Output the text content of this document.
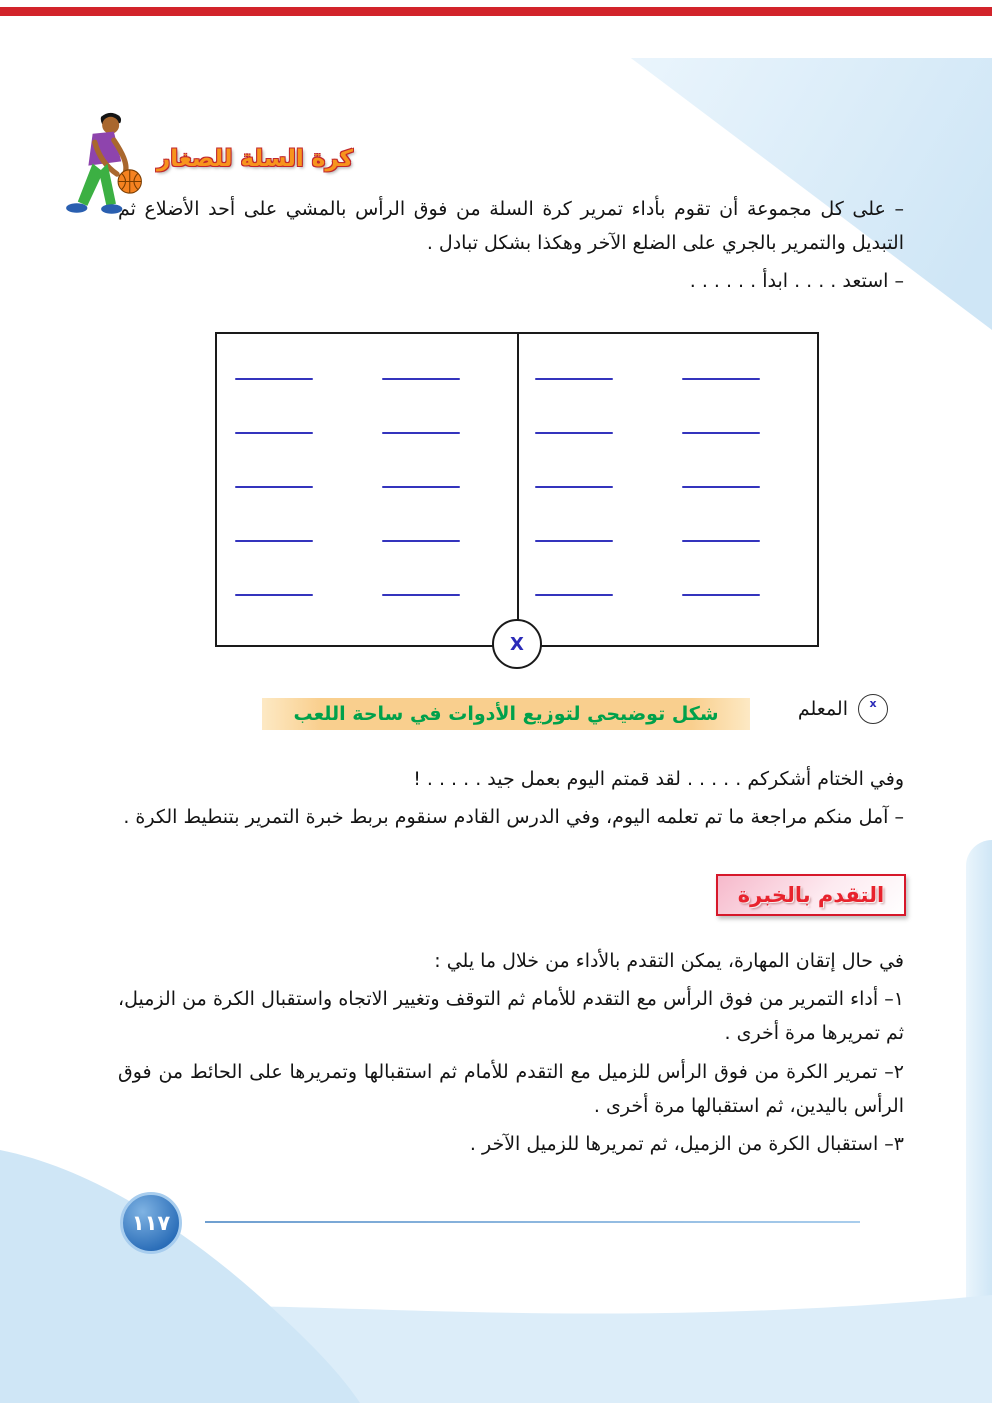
كرة السلة للصغار

– على كل مجموعة أن تقوم بأداء تمرير كرة السلة من فوق الرأس بالمشي على أحد الأضلاع ثم التبديل والتمرير بالجري على الضلع الآخر وهكذا بشكل تبادل .

– استعد . . . . ابدأ . . . . . .

X
x
المعلم
شكل توضيحي لتوزيع الأدوات في ساحة اللعب

وفي الختام أشكركم . . . . . لقد قمتم اليوم بعمل جيد . . . . . !

– آمل منكم مراجعة ما تم تعلمه اليوم، وفي الدرس القادم سنقوم بربط خبرة التمرير بتنطيط الكرة .

التقدم بالخبرة

في حال إتقان المهارة، يمكن التقدم بالأداء من خلال ما يلي :

١– أداء التمرير من فوق الرأس مع التقدم للأمام ثم التوقف وتغيير الاتجاه واستقبال الكرة من الزميل، ثم تمريرها مرة أخرى .

٢– تمرير الكرة من فوق الرأس للزميل مع التقدم للأمام ثم استقبالها وتمريرها على الحائط من فوق الرأس باليدين، ثم استقبالها مرة أخرى .

٣– استقبال الكرة من الزميل، ثم تمريرها للزميل الآخر .

١١٧
